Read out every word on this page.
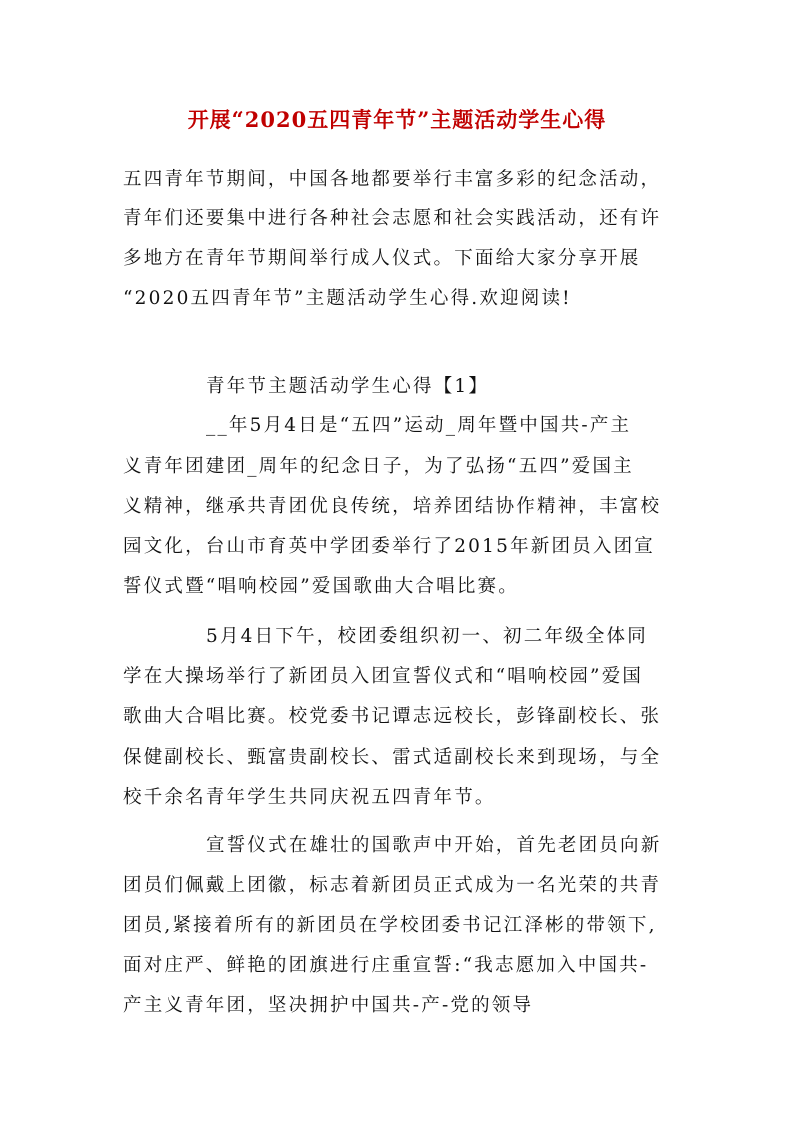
开展“2020五四青年节”主题活动学生心得
五四青年节期间，中国各地都要举行丰富多彩的纪念活动，
青年们还要集中进行各种社会志愿和社会实践活动，还有许
多地方在青年节期间举行成人仪式。下面给大家分享开展
“2020五四青年节”主题活动学生心得.欢迎阅读!
青年节主题活动学生心得【1】
__年5月4日是“五四”运动_周年暨中国共-产主
义青年团建团_周年的纪念日子，为了弘扬“五四”爱国主
义精神，继承共青团优良传统，培养团结协作精神，丰富校
园文化，台山市育英中学团委举行了2015年新团员入团宣
誓仪式暨“唱响校园”爱国歌曲大合唱比赛。
5月4日下午，校团委组织初一、初二年级全体同
学在大操场举行了新团员入团宣誓仪式和“唱响校园”爱国
歌曲大合唱比赛。校党委书记谭志远校长，彭锋副校长、张
保健副校长、甄富贵副校长、雷式适副校长来到现场，与全
校千余名青年学生共同庆祝五四青年节。
宣誓仪式在雄壮的国歌声中开始，首先老团员向新
团员们佩戴上团徽，标志着新团员正式成为一名光荣的共青
团员,紧接着所有的新团员在学校团委书记江泽彬的带领下,
面对庄严、鲜艳的团旗进行庄重宣誓:“我志愿加入中国共-
产主义青年团，坚决拥护中国共-产-党的领导
